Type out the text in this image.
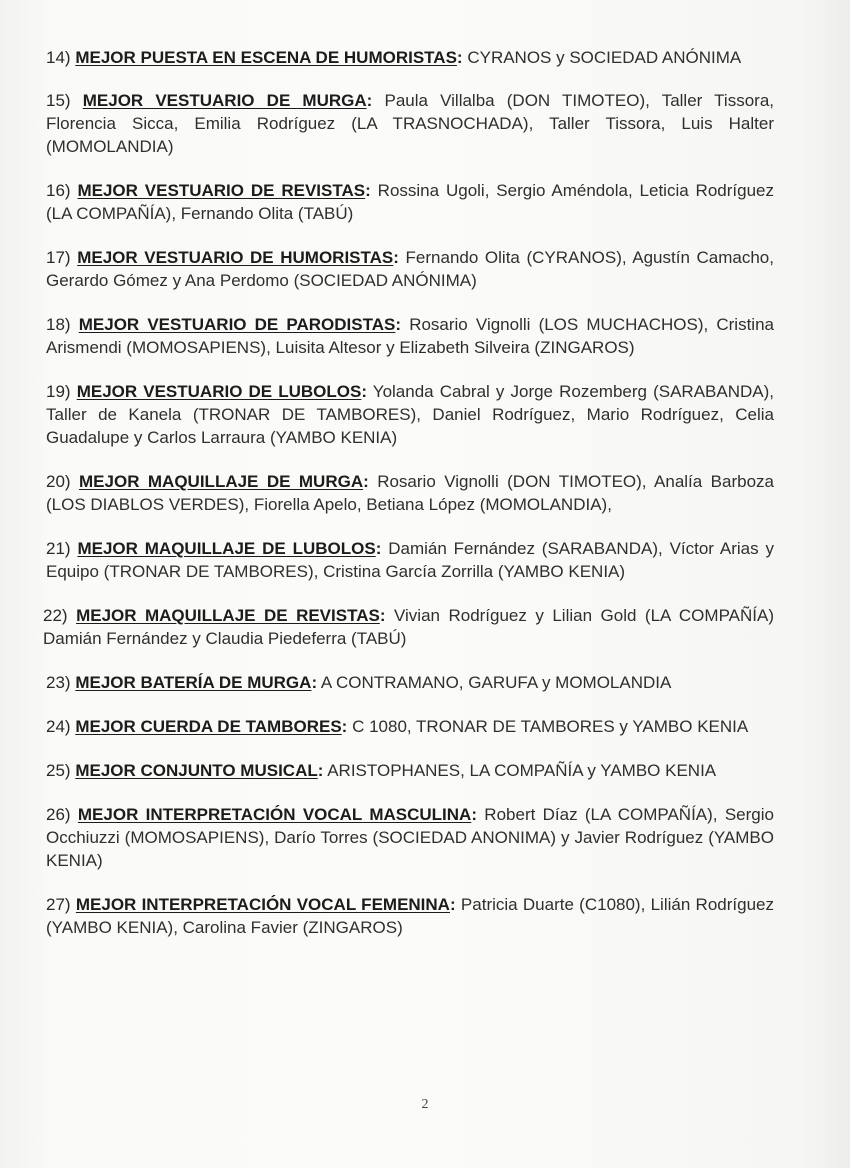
14) MEJOR PUESTA EN ESCENA DE HUMORISTAS: CYRANOS y SOCIEDAD ANÓNIMA

15) MEJOR VESTUARIO DE MURGA: Paula Villalba (DON TIMOTEO), Taller Tissora, Florencia Sicca, Emilia Rodríguez (LA TRASNOCHADA), Taller Tissora, Luis Halter (MOMOLANDIA)

16) MEJOR VESTUARIO DE REVISTAS: Rossina Ugoli, Sergio Améndola, Leticia Rodríguez (LA COMPAÑÍA), Fernando Olita (TABÚ)

17) MEJOR VESTUARIO DE HUMORISTAS: Fernando Olita (CYRANOS), Agustín Camacho, Gerardo Gómez y Ana Perdomo (SOCIEDAD ANÓNIMA)

18) MEJOR VESTUARIO DE PARODISTAS: Rosario Vignolli (LOS MUCHACHOS), Cristina Arismendi (MOMOSAPIENS), Luisita Altesor y Elizabeth Silveira (ZINGAROS)

19) MEJOR VESTUARIO DE LUBOLOS: Yolanda Cabral y Jorge Rozemberg (SARABANDA), Taller de Kanela (TRONAR DE TAMBORES), Daniel Rodríguez, Mario Rodríguez, Celia Guadalupe y Carlos Larraura (YAMBO KENIA)

20) MEJOR MAQUILLAJE DE MURGA: Rosario Vignolli (DON TIMOTEO), Analía Barboza (LOS DIABLOS VERDES), Fiorella Apelo, Betiana López (MOMOLANDIA),

21) MEJOR MAQUILLAJE DE LUBOLOS: Damián Fernández (SARABANDA), Víctor Arias y Equipo (TRONAR DE TAMBORES), Cristina García Zorrilla (YAMBO KENIA)

22) MEJOR MAQUILLAJE DE REVISTAS: Vivian Rodríguez y Lilian Gold (LA COMPAÑÍA) Damián Fernández y Claudia Piedeferra (TABÚ)

23) MEJOR BATERÍA DE MURGA: A CONTRAMANO, GARUFA y MOMOLANDIA

24) MEJOR CUERDA DE TAMBORES: C 1080, TRONAR DE TAMBORES y YAMBO KENIA

25) MEJOR CONJUNTO MUSICAL: ARISTOPHANES, LA COMPAÑÍA y YAMBO KENIA

26) MEJOR INTERPRETACIÓN VOCAL MASCULINA: Robert Díaz (LA COMPAÑÍA), Sergio Occhiuzzi (MOMOSAPIENS), Darío Torres (SOCIEDAD ANONIMA) y Javier Rodríguez (YAMBO KENIA)

27) MEJOR INTERPRETACIÓN VOCAL FEMENINA: Patricia Duarte (C1080), Lilián Rodríguez (YAMBO KENIA), Carolina Favier (ZINGAROS)

2
